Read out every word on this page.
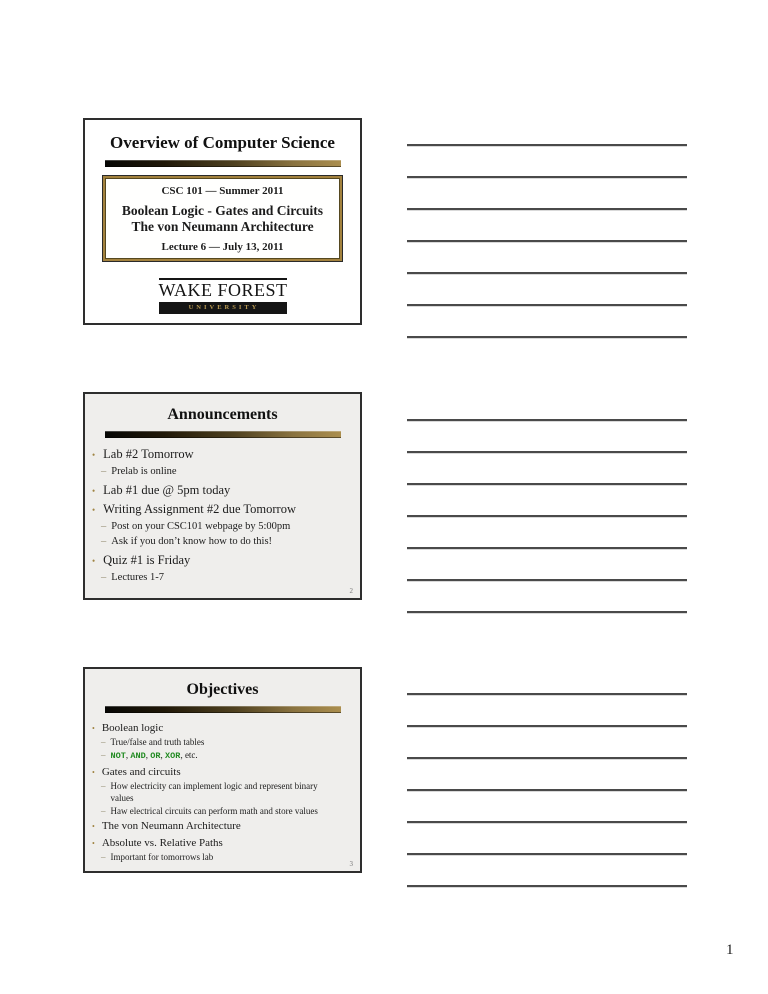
Overview of Computer Science
CSC 101 — Summer 2011
Boolean Logic - Gates and Circuits
The von Neumann Architecture
Lecture 6 — July 13, 2011
WAKE FOREST
UNIVERSITY
Announcements
• Lab #2 Tomorrow
– Prelab is online
• Lab #1 due @ 5pm today
• Writing Assignment #2 due Tomorrow
– Post on your CSC101 webpage by 5:00pm
– Ask if you don’t know how to do this!
• Quiz #1 is Friday
– Lectures 1-7
2
Objectives
• Boolean logic
– True/false and truth tables
– NOT, AND, OR, XOR, etc.
• Gates and circuits
– How electricity can implement logic and represent binary values
– Haw electrical circuits can perform math and store values
• The von Neumann Architecture
• Absolute vs. Relative Paths
– Important for tomorrows lab
3
1
